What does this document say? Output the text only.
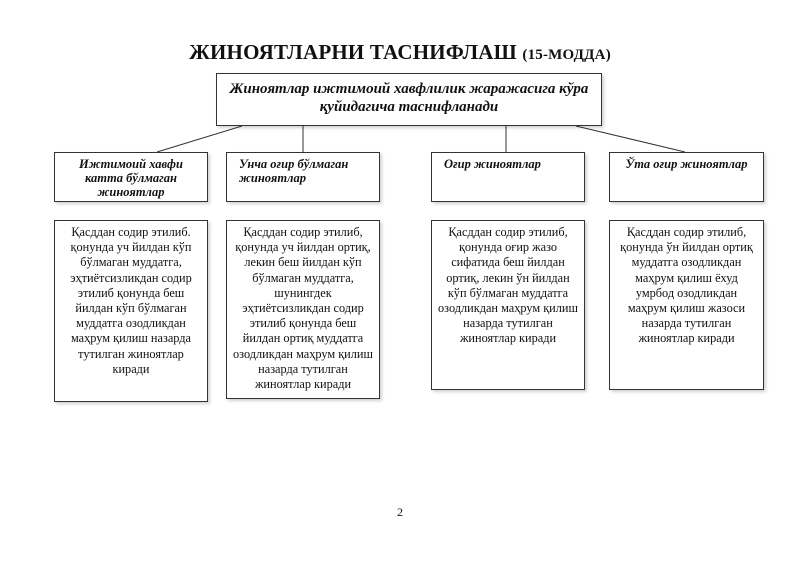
ЖИНОЯТЛАРНИ ТАСНИФЛАШ (15-МОДДА)
Жиноятлар ижтимоий хавфлилик жаражасига кўра қуйидагича таснифланади
Ижтимоий хавфи катта бўлмаган жиноятлар
Унча оғир бўлмаган жиноятлар
Оғир жиноятлар	Ўта оғир жиноятлар
Қасддан содир этилиб. қонунда уч йилдан кўп бўлмаган муддатга, эҳтиётсизликдан содир этилиб қонунда беш йилдан кўп бўлмаган муддатга озодликдан маҳрум қилиш назарда тутилган жиноятлар киради
Қасддан содир этилиб, қонунда уч йилдан ортиқ, лекин беш йилдан кўп бўлмаган муддатга, шунингдек эҳтиётсизликдан содир этилиб қонунда беш йилдан ортиқ муддатга озодликдан маҳрум қилиш назарда тутилган жиноятлар киради
Қасддан содир этилиб, қонунда оғир жазо сифатида беш йилдан ортиқ, лекин ўн йилдан кўп бўлмаган муддатга озодликдан маҳрум қилиш назарда тутилган жиноятлар киради
Қасддан содир этилиб, қонунда ўн йилдан ортиқ муддатга озодликдан маҳрум қилиш ёхуд умрбод озодликдан маҳрум қилиш жазоси назарда тутилган жиноятлар киради
2
